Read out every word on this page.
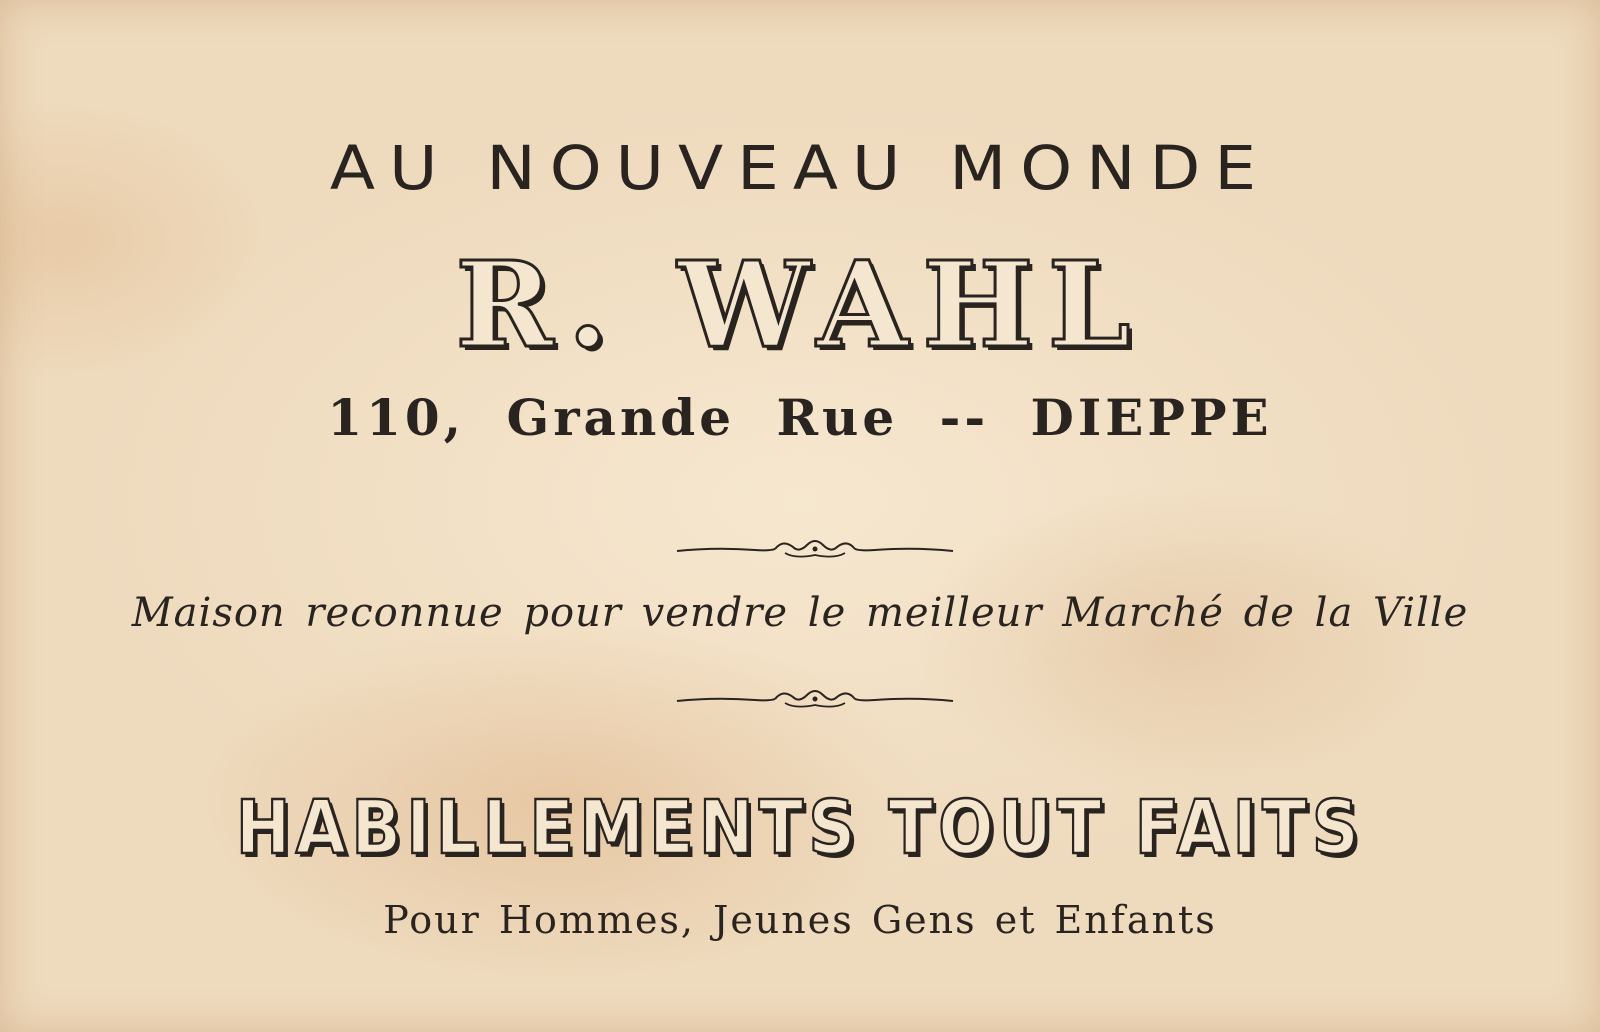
AU NOUVEAU MONDE
R. WAHL
110, Grande Rue -- DIEPPE
Maison reconnue pour vendre le meilleur Marché de la Ville
HABILLEMENTS TOUT FAITS
Pour Hommes, Jeunes Gens et Enfants
